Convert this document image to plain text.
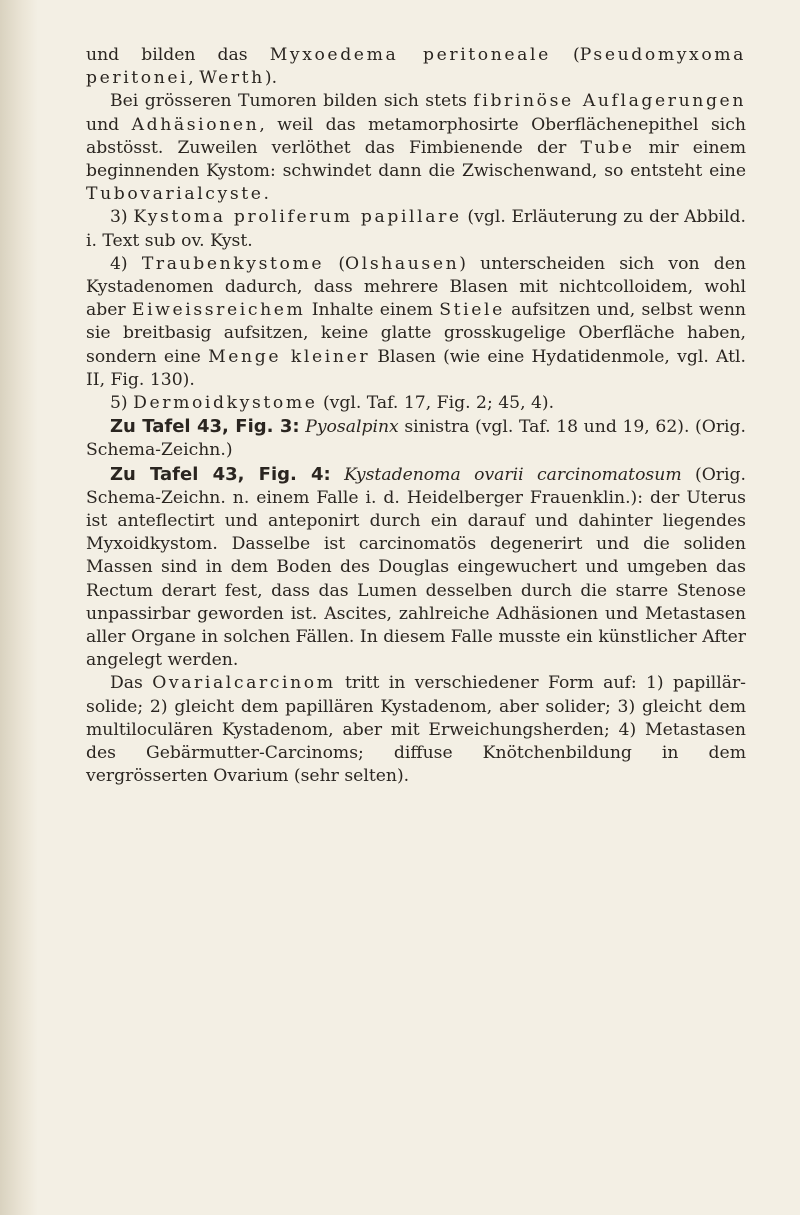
und bilden das Myxoedema peritoneale (Pseudomyxoma peritonei, Werth).

Bei grösseren Tumoren bilden sich stets fibrinöse Auflagerungen und Adhäsionen, weil das metamorphosirte Oberflächenepithel sich abstösst. Zuweilen verlöthet das Fimbienende der Tube mir einem beginnenden Kystom: schwindet dann die Zwischenwand, so entsteht eine Tubovarialcyste.

3) Kystoma proliferum papillare (vgl. Erläuterung zu der Abbild. i. Text sub ov. Kyst.

4) Traubenkystome (Olshausen) unterscheiden sich von den Kystadenomen dadurch, dass mehrere Blasen mit nichtcolloidem, wohl aber Eiweissreichem Inhalte einem Stiele aufsitzen und, selbst wenn sie breitbasig aufsitzen, keine glatte grosskugelige Oberfläche haben, sondern eine Menge kleiner Blasen (wie eine Hydatidenmole, vgl. Atl. II, Fig. 130).

5) Dermoidkystome (vgl. Taf. 17, Fig. 2; 45, 4).

Zu Tafel 43, Fig. 3: Pyosalpinx sinistra (vgl. Taf. 18 und 19, 62). (Orig. Schema-Zeichn.)

Zu Tafel 43, Fig. 4: Kystadenoma ovarii carcinomatosum (Orig. Schema-Zeichn. n. einem Falle i. d. Heidelberger Frauenklin.): der Uterus ist anteflectirt und anteponirt durch ein darauf und dahinter liegendes Myxoidkystom. Dasselbe ist carcinomatös degenerirt und die soliden Massen sind in dem Boden des Douglas eingewuchert und umgeben das Rectum derart fest, dass das Lumen desselben durch die starre Stenose unpassirbar geworden ist. Ascites, zahlreiche Adhäsionen und Metastasen aller Organe in solchen Fällen. In diesem Falle musste ein künstlicher After angelegt werden.

Das Ovarialcarcinom tritt in verschiedener Form auf: 1) papillär-solide; 2) gleicht dem papillären Kystadenom, aber solider; 3) gleicht dem multiloculären Kystadenom, aber mit Erweichungsherden; 4) Metastasen des Gebärmutter-Carcinoms; diffuse Knötchenbildung in dem vergrösserten Ovarium (sehr selten).
